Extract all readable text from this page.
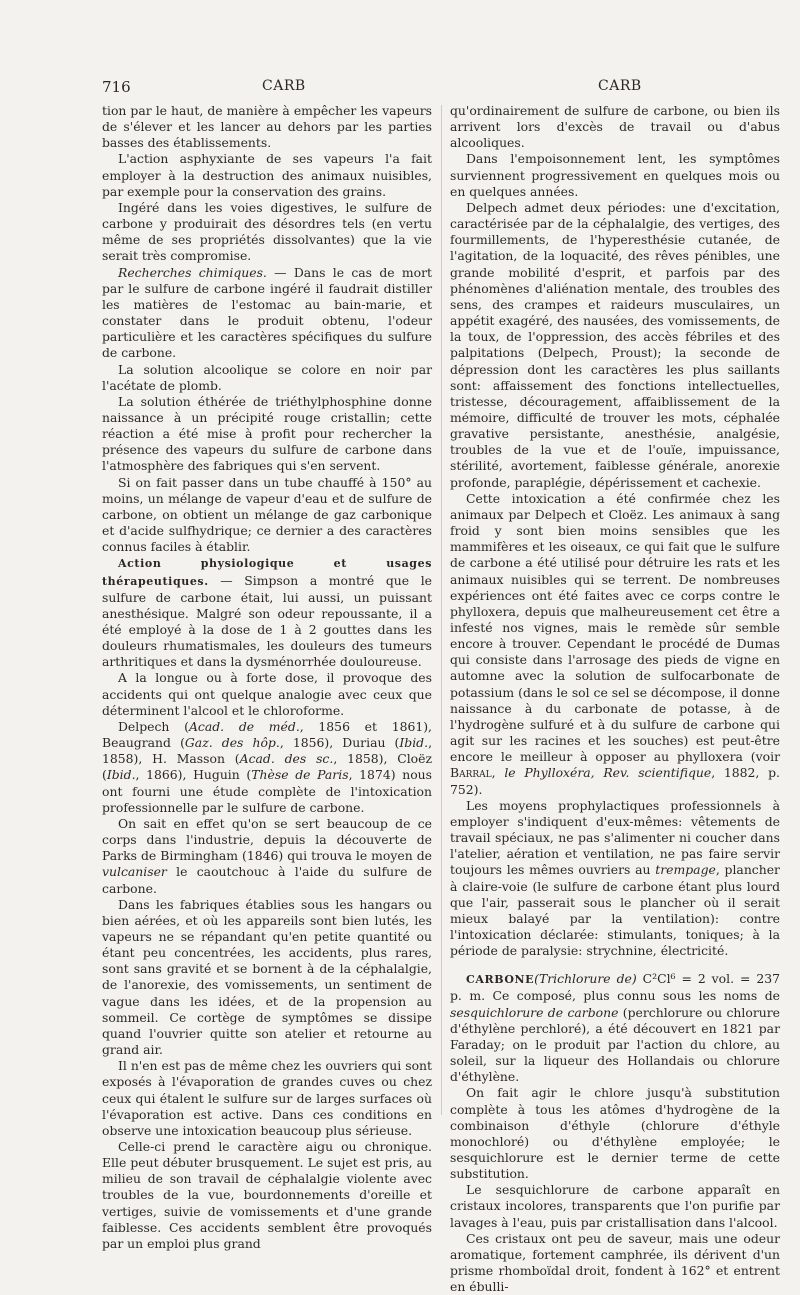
716	CARB	CARB

tion par le haut, de manière à empêcher les vapeurs de s'élever et les lancer au dehors par les parties basses des établissements.

L'action asphyxiante de ses vapeurs l'a fait employer à la destruction des animaux nuisibles, par exemple pour la conservation des grains.

Ingéré dans les voies digestives, le sulfure de carbone y produirait des désordres tels (en vertu même de ses propriétés dissolvantes) que la vie serait très compromise.

Recherches chimiques. — Dans le cas de mort par le sulfure de carbone ingéré il faudrait distiller les matières de l'estomac au bain-marie, et constater dans le produit obtenu, l'odeur particulière et les caractères spécifiques du sulfure de carbone.

La solution alcoolique se colore en noir par l'acétate de plomb.

La solution éthérée de triéthylphosphine donne naissance à un précipité rouge cristallin; cette réaction a été mise à profit pour rechercher la présence des vapeurs du sulfure de carbone dans l'atmosphère des fabriques qui s'en servent.

Si on fait passer dans un tube chauffé à 150° au moins, un mélange de vapeur d'eau et de sulfure de carbone, on obtient un mélange de gaz carbonique et d'acide sulfhydrique; ce dernier a des caractères connus faciles à établir.

Action physiologique et usages thérapeutiques. — Simpson a montré que le sulfure de carbone était, lui aussi, un puissant anesthésique. Malgré son odeur repoussante, il a été employé à la dose de 1 à 2 gouttes dans les douleurs rhumatismales, les douleurs des tumeurs arthritiques et dans la dysménorrhée douloureuse.

A la longue ou à forte dose, il provoque des accidents qui ont quelque analogie avec ceux que déterminent l'alcool et le chloroforme.

Delpech (Acad. de méd., 1856 et 1861), Beaugrand (Gaz. des hôp., 1856), Duriau (Ibid., 1858), H. Masson (Acad. des sc., 1858), Cloëz (Ibid., 1866), Huguin (Thèse de Paris, 1874) nous ont fourni une étude complète de l'intoxication professionnelle par le sulfure de carbone.

On sait en effet qu'on se sert beaucoup de ce corps dans l'industrie, depuis la découverte de Parks de Birmingham (1846) qui trouva le moyen de vulcaniser le caoutchouc à l'aide du sulfure de carbone.

Dans les fabriques établies sous les hangars ou bien aérées, et où les appareils sont bien lutés, les vapeurs ne se répandant qu'en petite quantité ou étant peu concentrées, les accidents, plus rares, sont sans gravité et se bornent à de la céphalalgie, de l'anorexie, des vomissements, un sentiment de vague dans les idées, et de la propension au sommeil. Ce cortège de symptômes se dissipe quand l'ouvrier quitte son atelier et retourne au grand air.

Il n'en est pas de même chez les ouvriers qui sont exposés à l'évaporation de grandes cuves ou chez ceux qui étalent le sulfure sur de larges surfaces où l'évaporation est active. Dans ces conditions en observe une intoxication beaucoup plus sérieuse.

Celle-ci prend le caractère aigu ou chronique. Elle peut débuter brusquement. Le sujet est pris, au milieu de son travail de céphalalgie violente avec troubles de la vue, bourdonnements d'oreille et vertiges, suivie de vomissements et d'une grande faiblesse. Ces accidents semblent être provoqués par un emploi plus grand

qu'ordinairement de sulfure de carbone, ou bien ils arrivent lors d'excès de travail ou d'abus alcooliques.

Dans l'empoisonnement lent, les symptômes surviennent progressivement en quelques mois ou en quelques années.

Delpech admet deux périodes: une d'excitation, caractérisée par de la céphalalgie, des vertiges, des fourmillements, de l'hyperesthésie cutanée, de l'agitation, de la loquacité, des rêves pénibles, une grande mobilité d'esprit, et parfois par des phénomènes d'aliénation mentale, des troubles des sens, des crampes et raideurs musculaires, un appétit exagéré, des nausées, des vomissements, de la toux, de l'oppression, des accès fébriles et des palpitations (Delpech, Proust); la seconde de dépression dont les caractères les plus saillants sont: affaissement des fonctions intellectuelles, tristesse, découragement, affaiblissement de la mémoire, difficulté de trouver les mots, céphalée gravative persistante, anesthésie, analgésie, troubles de la vue et de l'ouïe, impuissance, stérilité, avortement, faiblesse générale, anorexie profonde, paraplégie, dépérissement et cachexie.

Cette intoxication a été confirmée chez les animaux par Delpech et Cloëz. Les animaux à sang froid y sont bien moins sensibles que les mammifères et les oiseaux, ce qui fait que le sulfure de carbone a été utilisé pour détruire les rats et les animaux nuisibles qui se terrent. De nombreuses expériences ont été faites avec ce corps contre le phylloxera, depuis que malheureusement cet être a infesté nos vignes, mais le remède sûr semble encore à trouver. Cependant le procédé de Dumas qui consiste dans l'arrosage des pieds de vigne en automne avec la solution de sulfocarbonate de potassium (dans le sol ce sel se décompose, il donne naissance à du carbonate de potasse, à de l'hydrogène sulfuré et à du sulfure de carbone qui agit sur les racines et les souches) est peut-être encore le meilleur à opposer au phylloxera (voir Barral, le Phylloxéra, Rev. scientifique, 1882, p. 752).

Les moyens prophylactiques professionnels à employer s'indiquent d'eux-mêmes: vêtements de travail spéciaux, ne pas s'alimenter ni coucher dans l'atelier, aération et ventilation, ne pas faire servir toujours les mêmes ouvriers au trempage, plancher à claire-voie (le sulfure de carbone étant plus lourd que l'air, passerait sous le plancher où il serait mieux balayé par la ventilation): contre l'intoxication déclarée: stimulants, toniques; à la période de paralysie: strychnine, électricité.

CARBONE(Trichlorure de) C²Cl⁶ = 2 vol. = 237 p. m. Ce composé, plus connu sous les noms de sesquichlorure de carbone (perchlorure ou chlorure d'éthylène perchloré), a été découvert en 1821 par Faraday; on le produit par l'action du chlore, au soleil, sur la liqueur des Hollandais ou chlorure d'éthylène.

On fait agir le chlore jusqu'à substitution complète à tous les atômes d'hydrogène de la combinaison d'éthyle (chlorure d'éthyle monochloré) ou d'éthylène employée; le sesquichlorure est le dernier terme de cette substitution.

Le sesquichlorure de carbone apparaît en cristaux incolores, transparents que l'on purifie par lavages à l'eau, puis par cristallisation dans l'alcool.

Ces cristaux ont peu de saveur, mais une odeur aromatique, fortement camphrée, ils dérivent d'un prisme rhomboïdal droit, fondent à 162° et entrent en ébulli-
